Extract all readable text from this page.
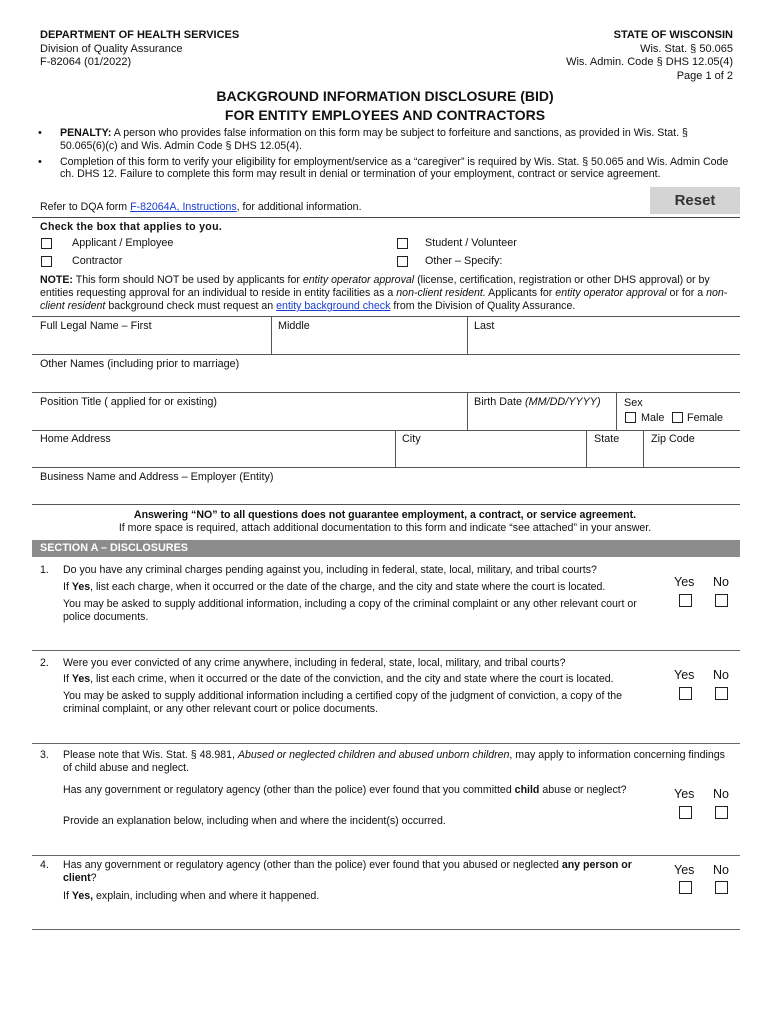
DEPARTMENT OF HEALTH SERVICES
Division of Quality Assurance
F-82064 (01/2022)
STATE OF WISCONSIN
Wis. Stat. § 50.065
Wis. Admin. Code § DHS 12.05(4)
Page 1 of 2
BACKGROUND INFORMATION DISCLOSURE (BID)
FOR ENTITY EMPLOYEES AND CONTRACTORS
• PENALTY: A person who provides false information on this form may be subject to forfeiture and sanctions, as provided in Wis. Stat. § 50.065(6)(c) and Wis. Admin Code § DHS 12.05(4).
• Completion of this form to verify your eligibility for employment/service as a “caregiver” is required by Wis. Stat. § 50.065 and Wis. Admin Code ch. DHS 12. Failure to complete this form may result in denial or termination of your employment, contract or service agreement.
Refer to DQA form F-82064A, Instructions, for additional information.	Reset
Check the box that applies to you.
Applicant / Employee
Contractor
Student / Volunteer
Other – Specify:
NOTE: This form should NOT be used by applicants for entity operator approval (license, certification, registration or other DHS approval) or by entities requesting approval for an individual to reside in entity facilities as a non-client resident. Applicants for entity operator approval or for a non-client resident background check must request an entity background check from the Division of Quality Assurance.
Full Legal Name – First	Middle	Last
Other Names (including prior to marriage)
Position Title ( applied for or existing)	Birth Date (MM/DD/YYYY) Sex
Male Female
Home Address	City	State	Zip Code
Business Name and Address – Employer (Entity)
Answering “NO” to all questions does not guarantee employment, a contract, or service agreement.
If more space is required, attach additional documentation to this form and indicate “see attached” in your answer.
SECTION A – DISCLOSURES
1. Do you have any criminal charges pending against you, including in federal, state, local, military, and tribal courts?
If Yes, list each charge, when it occurred or the date of the charge, and the city and state where the court is located.
You may be asked to supply additional information, including a copy of the criminal complaint or any other relevant court or police documents.
Yes No
2. Were you ever convicted of any crime anywhere, including in federal, state, local, military, and tribal courts?
If Yes, list each crime, when it occurred or the date of the conviction, and the city and state where the court is located.
You may be asked to supply additional information including a certified copy of the judgment of conviction, a copy of the criminal complaint, or any other relevant court or police documents.
Yes No
3. Please note that Wis. Stat. § 48.981, Abused or neglected children and abused unborn children, may apply to information concerning findings of child abuse and neglect.
Has any government or regulatory agency (other than the police) ever found that you committed child abuse or neglect?
Provide an explanation below, including when and where the incident(s) occurred.
Yes No
4. Has any government or regulatory agency (other than the police) ever found that you abused or neglected any person or client?
If Yes, explain, including when and where it happened.
Yes No
